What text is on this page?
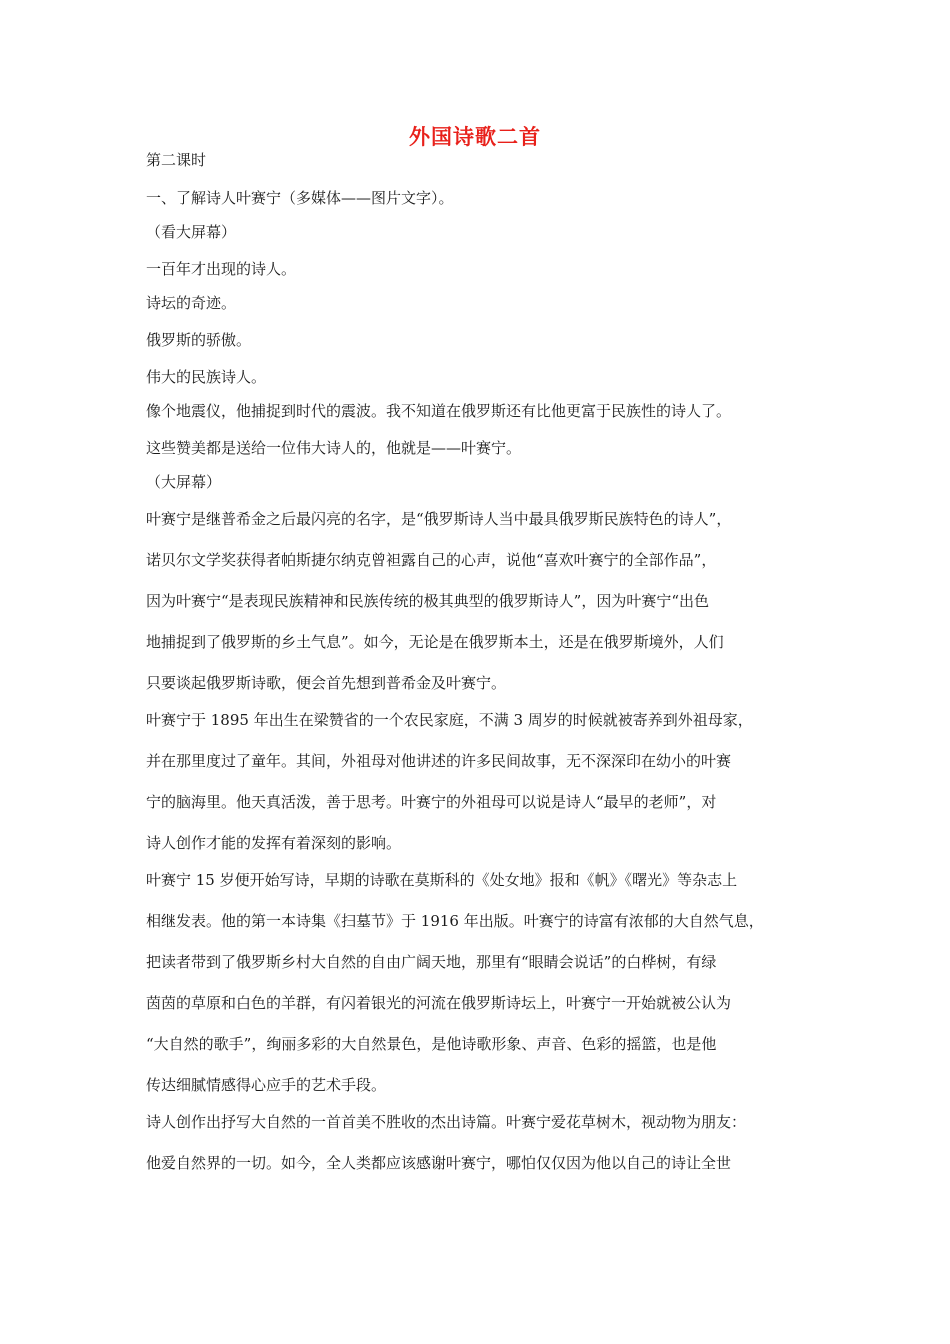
外国诗歌二首
第二课时
一、了解诗人叶赛宁（多媒体——图片文字）。
（看大屏幕）
一百年才出现的诗人。
诗坛的奇迹。
俄罗斯的骄傲。
伟大的民族诗人。
像个地震仪，他捕捉到时代的震波。我不知道在俄罗斯还有比他更富于民族性的诗人了。
这些赞美都是送给一位伟大诗人的，他就是——叶赛宁。
（大屏幕）
叶赛宁是继普希金之后最闪亮的名字，是“俄罗斯诗人当中最具俄罗斯民族特色的诗人”，
诺贝尔文学奖获得者帕斯捷尔纳克曾袒露自己的心声，说他“喜欢叶赛宁的全部作品”，
因为叶赛宁“是表现民族精神和民族传统的极其典型的俄罗斯诗人”，因为叶赛宁“出色
地捕捉到了俄罗斯的乡土气息”。如今，无论是在俄罗斯本土，还是在俄罗斯境外，人们
只要谈起俄罗斯诗歌，便会首先想到普希金及叶赛宁。
叶赛宁于 1895 年出生在梁赞省的一个农民家庭，不满 3 周岁的时候就被寄养到外祖母家，
并在那里度过了童年。其间，外祖母对他讲述的许多民间故事，无不深深印在幼小的叶赛
宁的脑海里。他天真活泼，善于思考。叶赛宁的外祖母可以说是诗人“最早的老师”，对
诗人创作才能的发挥有着深刻的影响。
叶赛宁 15 岁便开始写诗，早期的诗歌在莫斯科的《处女地》报和《帆》《曙光》等杂志上
相继发表。他的第一本诗集《扫墓节》于 1916 年出版。叶赛宁的诗富有浓郁的大自然气息，
把读者带到了俄罗斯乡村大自然的自由广阔天地，那里有“眼睛会说话”的白桦树，有绿
茵茵的草原和白色的羊群，有闪着银光的河流在俄罗斯诗坛上，叶赛宁一开始就被公认为
“大自然的歌手”，绚丽多彩的大自然景色，是他诗歌形象、声音、色彩的摇篮，也是他
传达细腻情感得心应手的艺术手段。
诗人创作出抒写大自然的一首首美不胜收的杰出诗篇。叶赛宁爱花草树木，视动物为朋友：
他爱自然界的一切。如今，全人类都应该感谢叶赛宁，哪怕仅仅因为他以自己的诗让全世
